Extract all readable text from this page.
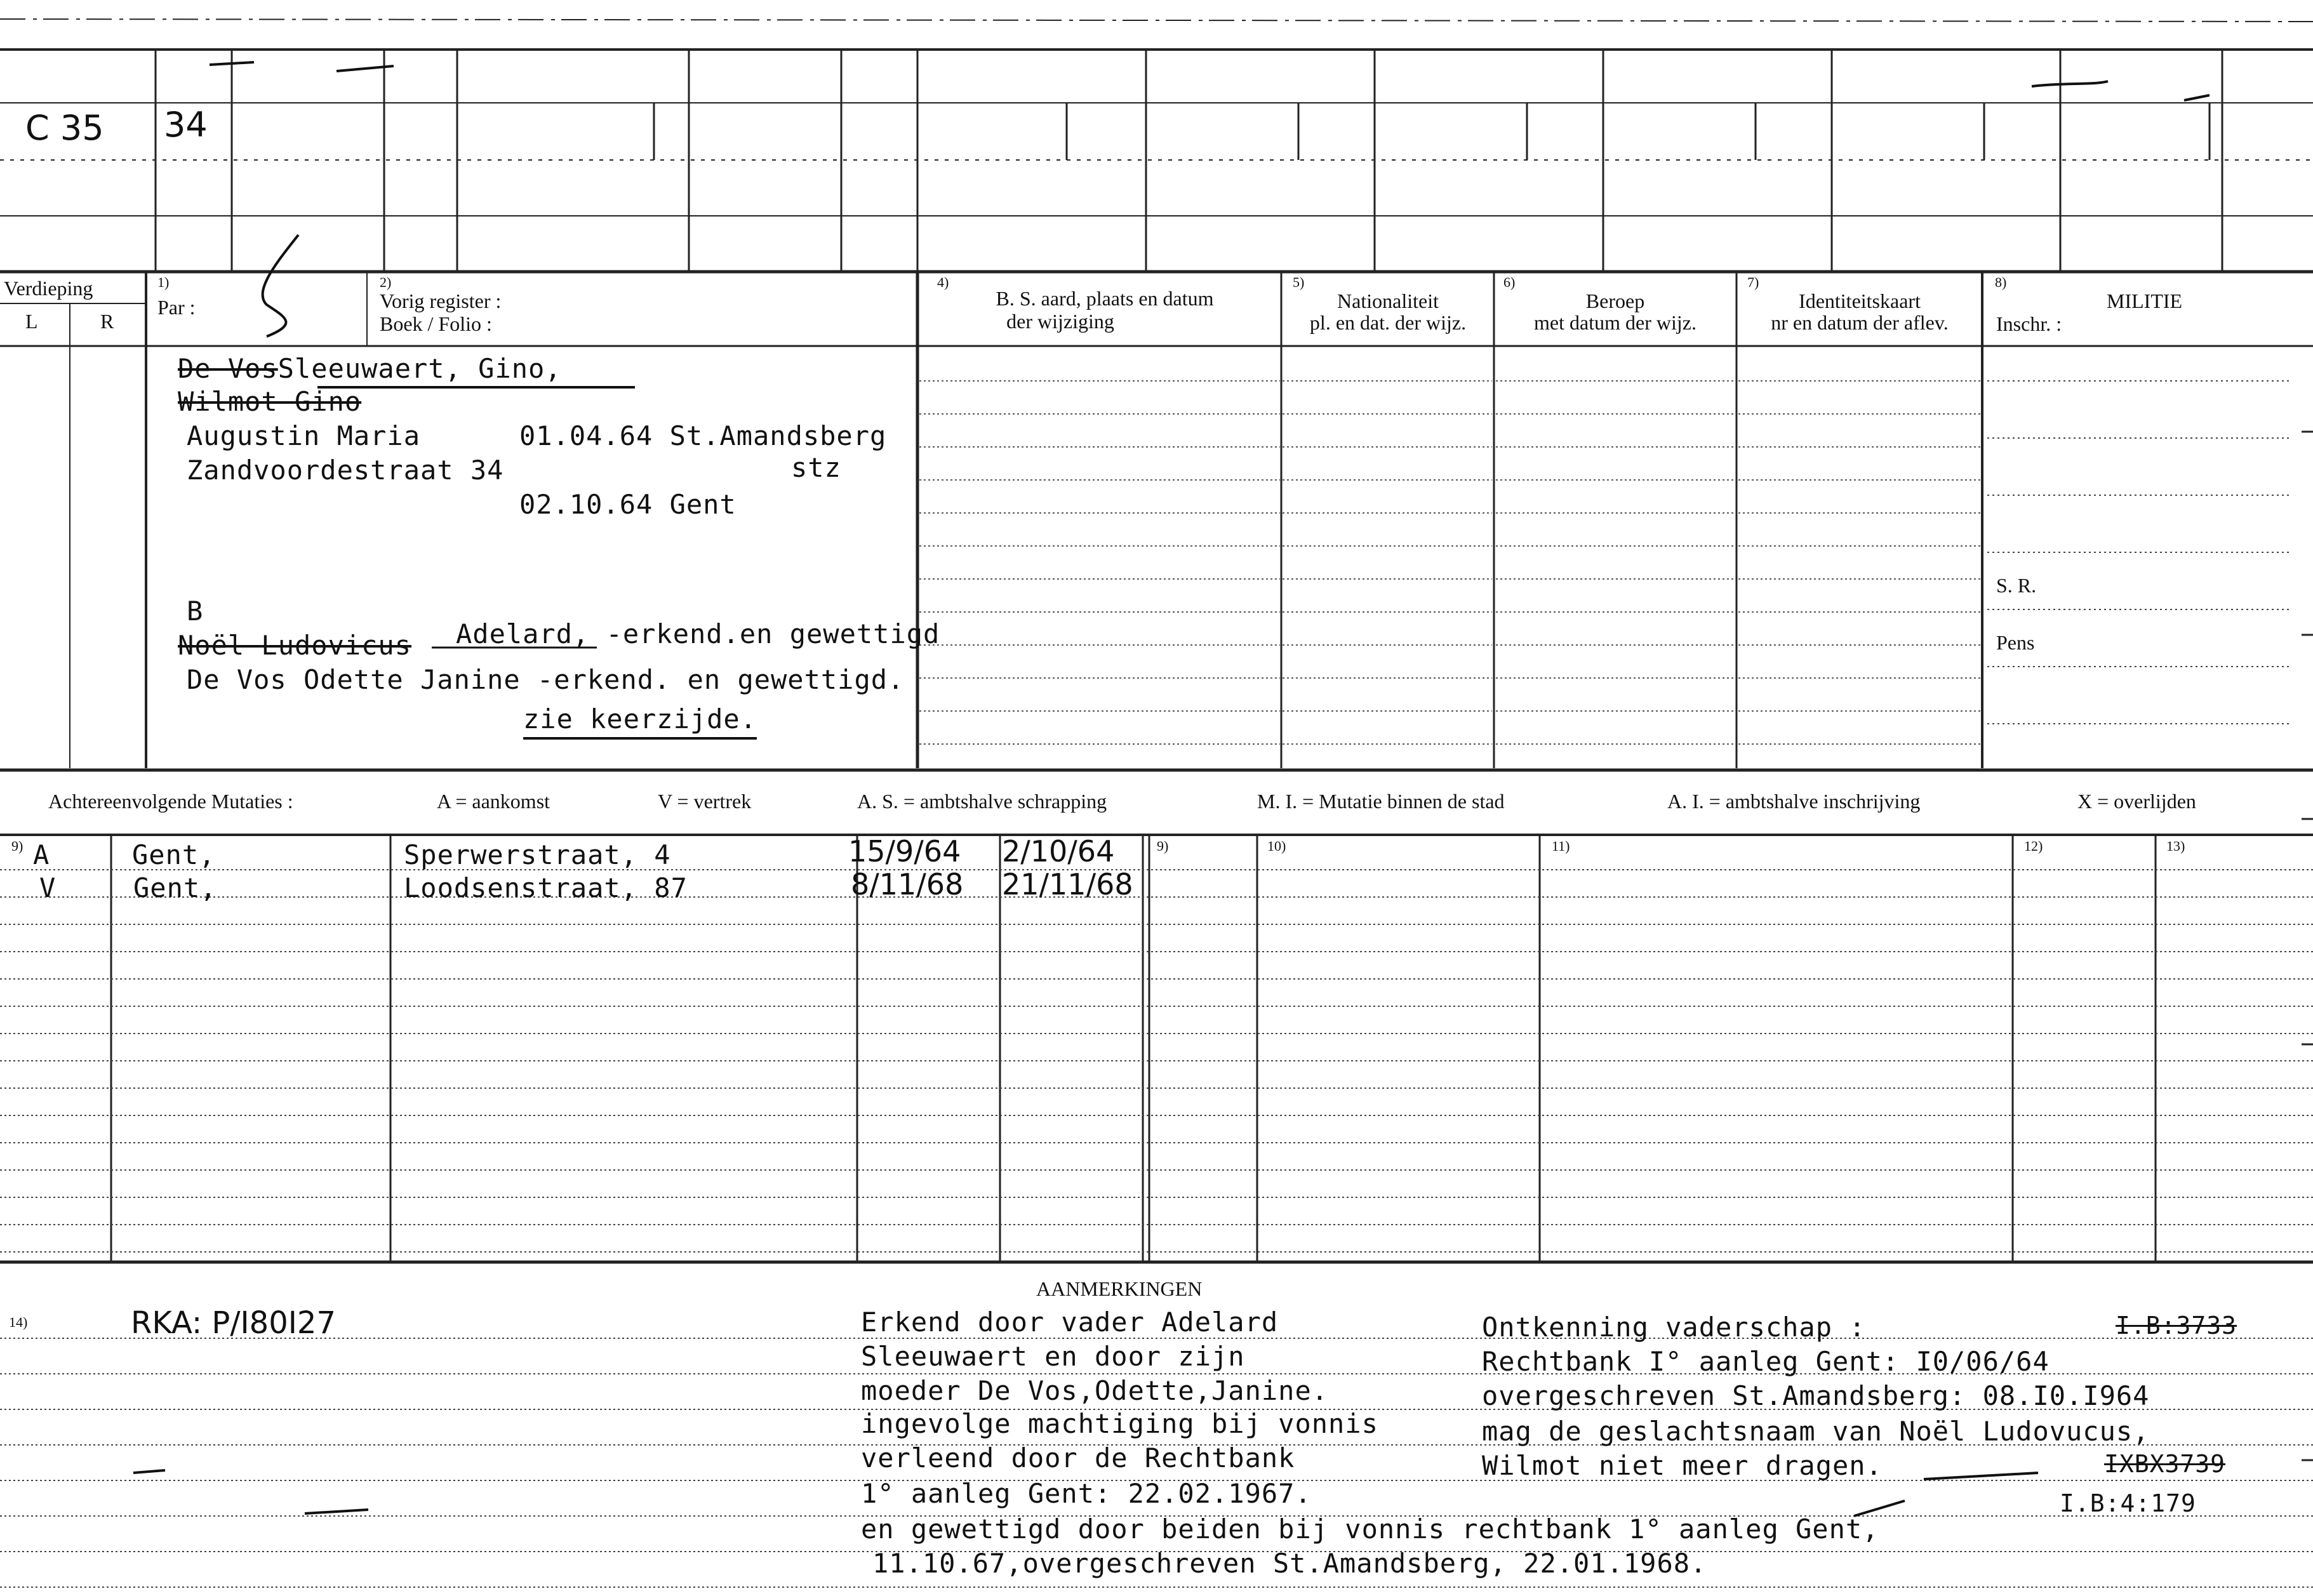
C 35 34
Verdieping
L	R
1)
Par :
2)
Vorig register :
Boek / Folio :
4)
B. S. aard, plaats en datum
der wijziging
5)
Nationaliteit
pl. en dat. der wijz.
6)
Beroep
met datum der wijz.
7)
Identiteitskaart
nr en datum der aflev.
8)
MILITIE
Inschr. :
S. R.
Pens
De VosSleeuwaert, Gino,
Wilmot Gino
Augustin Maria	01.04.64 St.Amandsberg
stz
Zandvoordestraat 34
02.10.64 Gent
B
Noël Ludovicus Adelard, -erkend.en gewettigd
De Vos Odette Janine -erkend. en gewettigd.
zie keerzijde.
Achtereenvolgende Mutaties :	A = aankomst	V = vertrek	A. S. = ambtshalve schrapping	M. I. = Mutatie binnen de stad	A. I. = ambtshalve inschrijving	X = overlijden
9)	9)	10)	11)	12)	13)
A	Gent,	Sperwerstraat, 4	15/9/64 2/10/64
V	Gent,	Loodsenstraat, 87	8/11/68 21/11/68
AANMERKINGEN
14)	RKA: P/I80I27	Erkend door vader Adelard
Sleeuwaert en door zijn
moeder De Vos,Odette,Janine.
ingevolge machtiging bij vonnis
verleend door de Rechtbank
1° aanleg Gent: 22.02.1967.
Ontkenning vaderschap :
Rechtbank I° aanleg Gent: I0/06/64
overgeschreven St.Amandsberg: 08.I0.I964
mag de geslachtsnaam van Noël Ludovucus,
Wilmot niet meer dragen.
I.B:3733
IXBX3739
I.B:4:179
en gewettigd door beiden bij vonnis rechtbank 1° aanleg Gent,
11.10.67,overgeschreven St.Amandsberg, 22.01.1968.
